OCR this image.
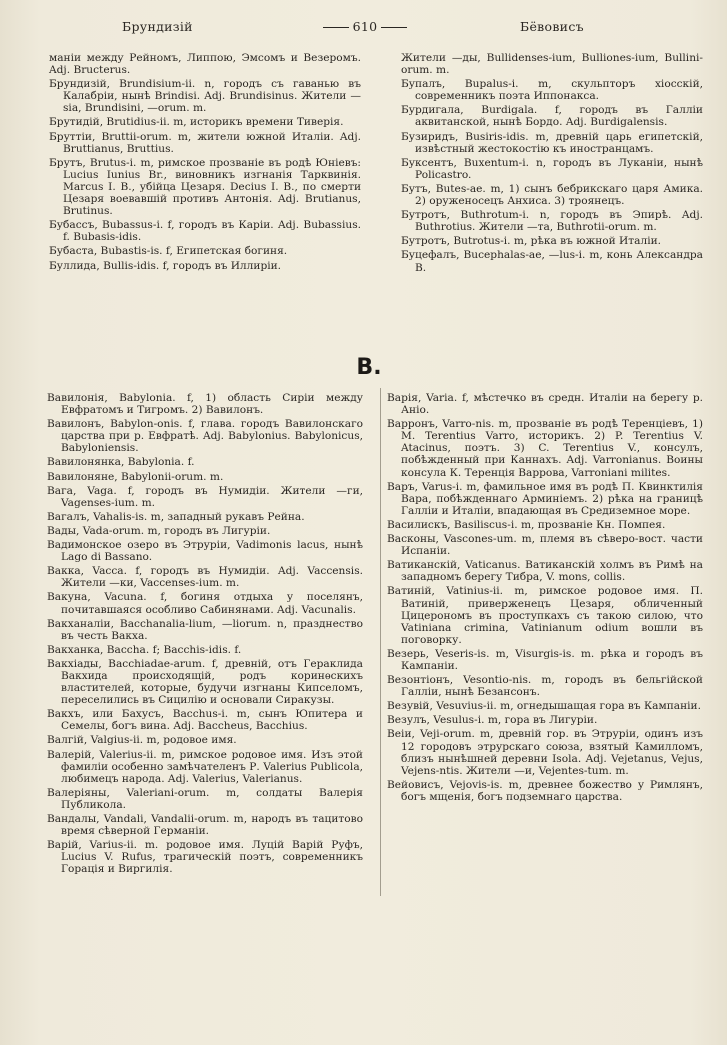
Брундизій	610	Бёвовисъ

маніи между Рейномъ, Липпою, Эмсомъ и Везеромъ. Adj. Bructerus.

Брундизій, Brundisium-ii. n, городъ съ гаванью въ Калабріи, нынѣ Brindisi. Adj. Brundisinus. Жители —sia, Brundisini, —orum. m.

Брутидій, Brutidius-ii. m, историкъ времени Тиверія.

Бруттіи, Bruttii-orum. m, жители южной Италіи. Adj. Bruttianus, Bruttius.

Брутъ, Brutus-i. m, римское прозваніе въ родѣ Юніевъ: Lucius Iunius Br., виновникъ изгнанія Тарквинія. Marcus I. B., убійца Цезаря. Decius I. B., по смерти Цезаря воевавшій противъ Антонія. Adj. Brutianus, Brutinus.

Бубассъ, Bubassus-i. f, городъ въ Каріи. Adj. Bubassius. f. Bubasis-idis.

Бубаста, Bubastis-is. f, Египетская богиня.

Буллида, Bullis-idis. f, городъ въ Иллиріи.

Жители —ды, Bullidenses-ium, Bulliones-ium, Bullini-orum. m.

Бупалъ, Bupalus-i. m, скульпторъ хіосскій, современникъ поэта Иппонакса.

Бурдигала, Burdigala. f, городъ въ Галліи аквитанской, нынѣ Бордо. Adj. Burdigalensis.

Бузиридъ, Busiris-idis. m, древній царь египетскій, извѣстный жестокостію къ иностранцамъ.

Буксентъ, Buxentum-i. n, городъ въ Луканіи, нынѣ Policastro.

Бутъ, Butes-ae. m, 1) сынъ бебрикскаго царя Амика. 2) оруженосецъ Анхиса. 3) троянецъ.

Бутротъ, Buthrotum-i. n, городъ въ Эпирѣ. Adj. Buthrotius. Жители —та, Buthrotii-orum. m.

Бутротъ, Butrotus-i. m, рѣка въ южной Италіи.

Буцефалъ, Bucephalas-ae, —lus-i. m, конь Александра В.

В.

Вавилонія, Babylonia. f, 1) область Сиріи между Евфратомъ и Тигромъ. 2) Вавилонъ.

Вавилонъ, Babylon-onis. f, глава. городъ Вавилонскаго царства при р. Евфратѣ. Adj. Babylonius. Babylonicus, Babyloniensis.

Вавилонянка, Babylonia. f.

Вавилоняне, Babylonii-orum. m.

Вага, Vaga. f, городъ въ Нумидіи. Жители —ги, Vagenses-ium. m.

Вагалъ, Vahalis-is. m, западный рукавъ Рейна.

Вады, Vada-orum. m, городъ въ Лигуріи.

Вадимонское озеро въ Этруріи, Vadimonis lacus, нынѣ Lago di Bassano.

Вакка, Vacca. f, городъ въ Нумидіи. Adj. Vaccensis. Жители —ки, Vaccenses-ium. m.

Вакуна, Vacuna. f, богиня отдыха у поселянъ, почитавшаяся особливо Сабинянами. Adj. Vacunalis.

Вакханаліи, Bacchanalia-lium, —liorum. n, празднество въ честь Вакха.

Вакханка, Baccha. f; Bacchis-idis. f.

Вакхіады, Bacchiadae-arum. f, древній, отъ Гераклида Вакхида происходящій, родъ коринѳскихъ властителей, которые, будучи изгнаны Кипселомъ, переселились въ Сицилію и основали Сиракузы.

Вакхъ, или Бахусъ, Bacchus-i. m, сынъ Юпитера и Семелы, богъ вина. Adj. Baccheus, Bacchius.

Валгій, Valgius-ii. m, родовое имя.

Валерій, Valerius-ii. m, римское родовое имя. Изъ этой фамиліи особенно замѣчателенъ Р. Valerius Publicola, любимецъ народа. Adj. Valerius, Valerianus.

Валеріяны, Valeriani-orum. m, солдаты Валерія Публикола.

Вандалы, Vandali, Vandalii-orum. m, народъ въ тацитово время сѣверной Германіи.

Варій, Varius-ii. m. родовое имя. Луцій Варій Руфъ, Lucius V. Rufus, трагическій поэтъ, современникъ Горація и Виргилія.

Варія, Varia. f, мѣстечко въ средн. Италіи на берегу р. Аніо.

Варронъ, Varro-nis. m, прозваніе въ родѣ Теренціевъ, 1) M. Terentius Varro, историкъ. 2) P. Terentius V. Atacinus, поэтъ. 3) C. Terentius V., консулъ, побѣжденный при Каннахъ. Adj. Varronianus. Воины консула К. Теренція Варрова, Varroniani milites.

Варъ, Varus-i. m, фамильное имя въ родѣ П. Квинктилія Вара, побѣжденнаго Арминіемъ. 2) рѣка на границѣ Галліи и Италіи, впадающая въ Средиземное море.

Василискъ, Basiliscus-i. m, прозваніе Кн. Помпея.

Васконы, Vascones-um. m, племя въ сѣверо-вост. части Испаніи.

Ватиканскій, Vaticanus. Ватиканскій холмъ въ Римѣ на западномъ берегу Тибра, V. mons, collis.

Ватиній, Vatinius-ii. m, римское родовое имя. П. Ватиній, приверженецъ Цезаря, обличенный Цицерономъ въ проступкахъ съ такою силою, что Vatiniana crimina, Vatinianum odium вошли въ поговорку.

Везерь, Veseris-is. m, Visurgis-is. m. рѣка и городъ въ Кампаніи.

Везонтіонъ, Vesontio-nis. m, городъ въ бельгійской Галліи, нынѣ Безансонъ.

Везувій, Vesuvius-ii. m, огнедышащая гора въ Кампаніи.

Везулъ, Vesulus-i. m, гора въ Лигуріи.

Веіи, Veji-orum. m, древній гор. въ Этруріи, одинъ изъ 12 городовъ этрурскаго союза, взятый Камилломъ, близъ нынѣшней деревни Isola. Adj. Vejetanus, Vejus, Vejens-ntis. Жители —и, Vejentes-tum. m.

Вейовисъ, Vejovis-is. m, древнее божество у Римлянъ, богъ мщенія, богъ подземнаго царства.
